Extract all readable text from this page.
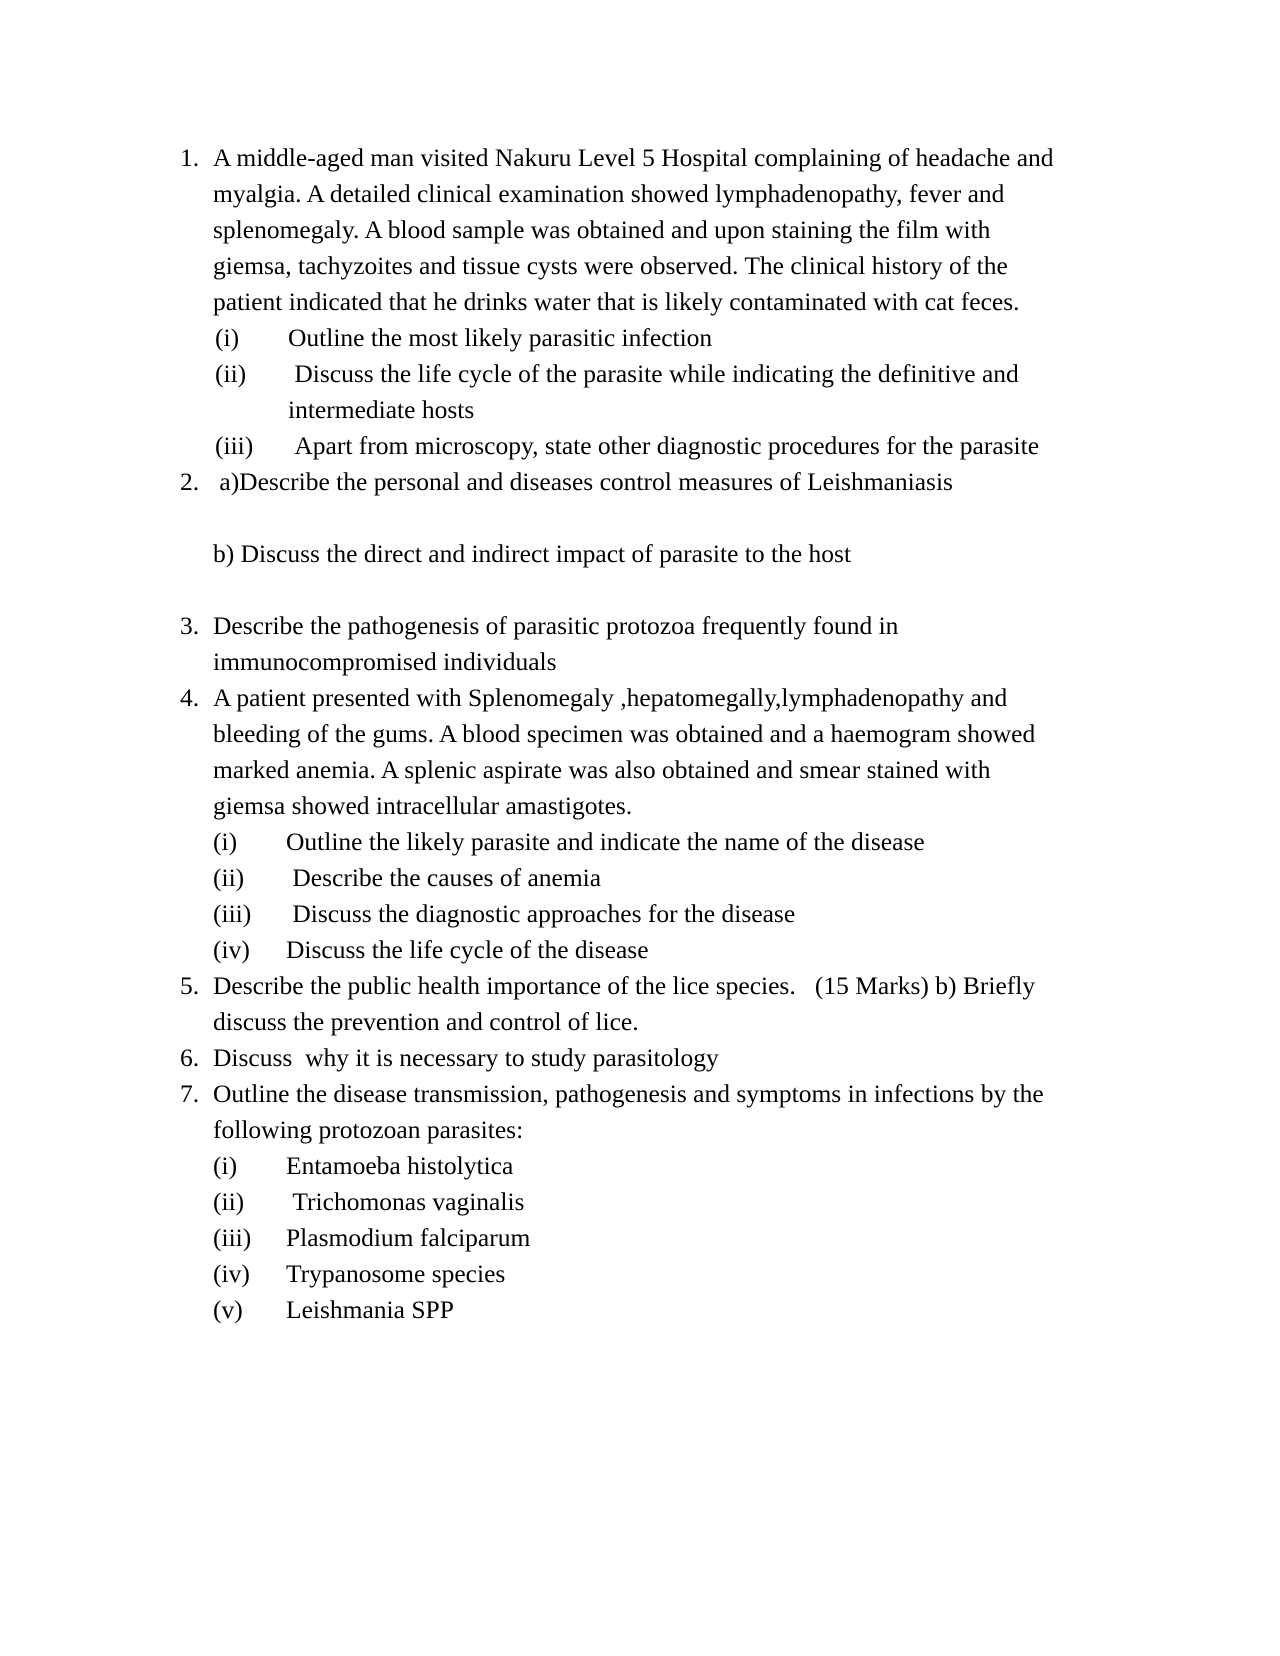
1. A middle-aged man visited Nakuru Level 5 Hospital complaining of headache and myalgia. A detailed clinical examination showed lymphadenopathy, fever and splenomegaly. A blood sample was obtained and upon staining the film with giemsa, tachyzoites and tissue cysts were observed. The clinical history of the patient indicated that he drinks water that is likely contaminated with cat feces.
(i)	Outline the most likely parasitic infection
(ii)	Discuss the life cycle of the parasite while indicating the definitive and intermediate hosts
(iii)	Apart from microscopy, state other diagnostic procedures for the parasite
2. a)Describe the personal and diseases control measures of Leishmaniasis
b) Discuss the direct and indirect impact of parasite to the host
3. Describe the pathogenesis of parasitic protozoa frequently found in immunocompromised individuals
4. A patient presented with Splenomegaly ,hepatomegally,lymphadenopathy and bleeding of the gums. A blood specimen was obtained and a haemogram showed marked anemia. A splenic aspirate was also obtained and smear stained with giemsa showed intracellular amastigotes.
(i)	Outline the likely parasite and indicate the name of the disease
(ii)	Describe the causes of anemia
(iii)	Discuss the diagnostic approaches for the disease
(iv)	Discuss the life cycle of the disease
5. Describe the public health importance of the lice species.   (15 Marks) b) Briefly discuss the prevention and control of lice.
6. Discuss  why it is necessary to study parasitology
7. Outline the disease transmission, pathogenesis and symptoms in infections by the following protozoan parasites:
(i)	Entamoeba histolytica
(ii)	Trichomonas vaginalis
(iii)	Plasmodium falciparum
(iv)	Trypanosome species
(v)	Leishmania SPP
